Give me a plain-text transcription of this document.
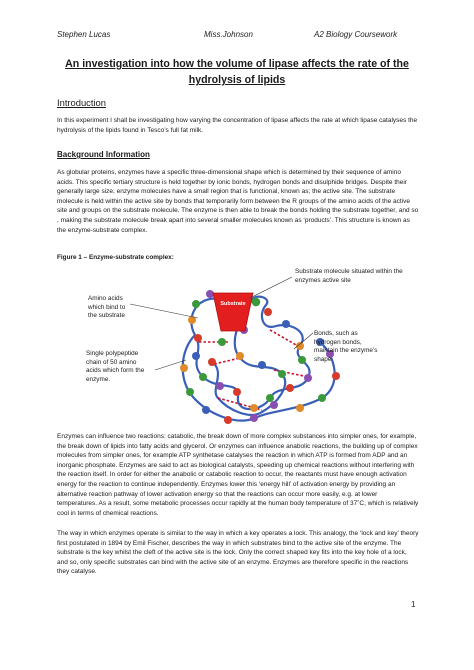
Stephen Lucas	Miss.Johnson	A2 Biology Coursework
An investigation into how the volume of lipase affects the rate of the hydrolysis of lipids
Introduction

In this experiment I shall be investigating how varying the concentration of lipase affects the rate at which lipase catalyses the hydrolysis of the lipids found in Tesco’s full fat milk.

Background Information

As globular proteins, enzymes have a specific three-dimensional shape which is determined by their sequence of amino acids. This specific tertiary structure is held together by ionic bonds, hydrogen bonds and disulphide bridges. Despite their generally large size, enzyme molecules have a small region that is functional, known as; the active site. The substrate molecule is held within the active site by bonds that temporarily form between the R groups of the amino acids of the active site and groups on the substrate molecule. The enzyme is then able to break the bonds holding the substrate together, and so , making the substrate molecule break apart into several smaller molecules known as ‘products’. This structure is known as the enzyme-substrate complex.

Figure 1 – Enzyme-substrate complex:
Substrate
Substrate molecule situated within the enzymes active site
Amino acids which bind to the substrate
Bonds, such as hydrogen bonds, maintain the enzyme’s shape
Single polypeptide chain of 50 amino acids which form the enzyme.

Enzymes can influence two reactions: catabolic, the break down of more complex substances into simpler ones, for example, the break down of lipids into fatty acids and glycerol. Or enzymes can influence anabolic reactions, the building up of complex molecules from simpler ones, for example ATP synthetase catalyses the reaction in which ATP is formed from ADP and an inorganic phosphate. Enzymes are said to act as biological catalysts, speeding up chemical reactions without interfering with the reaction itself. In order for either the anabolic or catabolic reaction to occur, the reactants must have enough activation energy for the reaction to continue independently. Enzymes lower this ‘energy hill’ of activation energy by providing an alternative reaction pathway of lower activation energy so that the reactions can occur more easily, e.g. at lower temperatures. As a result, some metabolic processes occur rapidly at the human body temperature of 37˚C, which is relatively cool in terms of chemical reactions.

The way in which enzymes operate is similar to the way in which a key operates a lock. This analogy, the ‘lock and key’ theory first postulated in 1894 by Emil Fischer, describes the way in which substrates bind to the active site of the enzyme. The substrate is the key whilst the cleft of the active site is the lock. Only the correct shaped key fits into the key hole of a lock, and so, only specific substrates can bind with the active site of an enzyme. Enzymes are therefore specific in the reactions they catalyse.

1
